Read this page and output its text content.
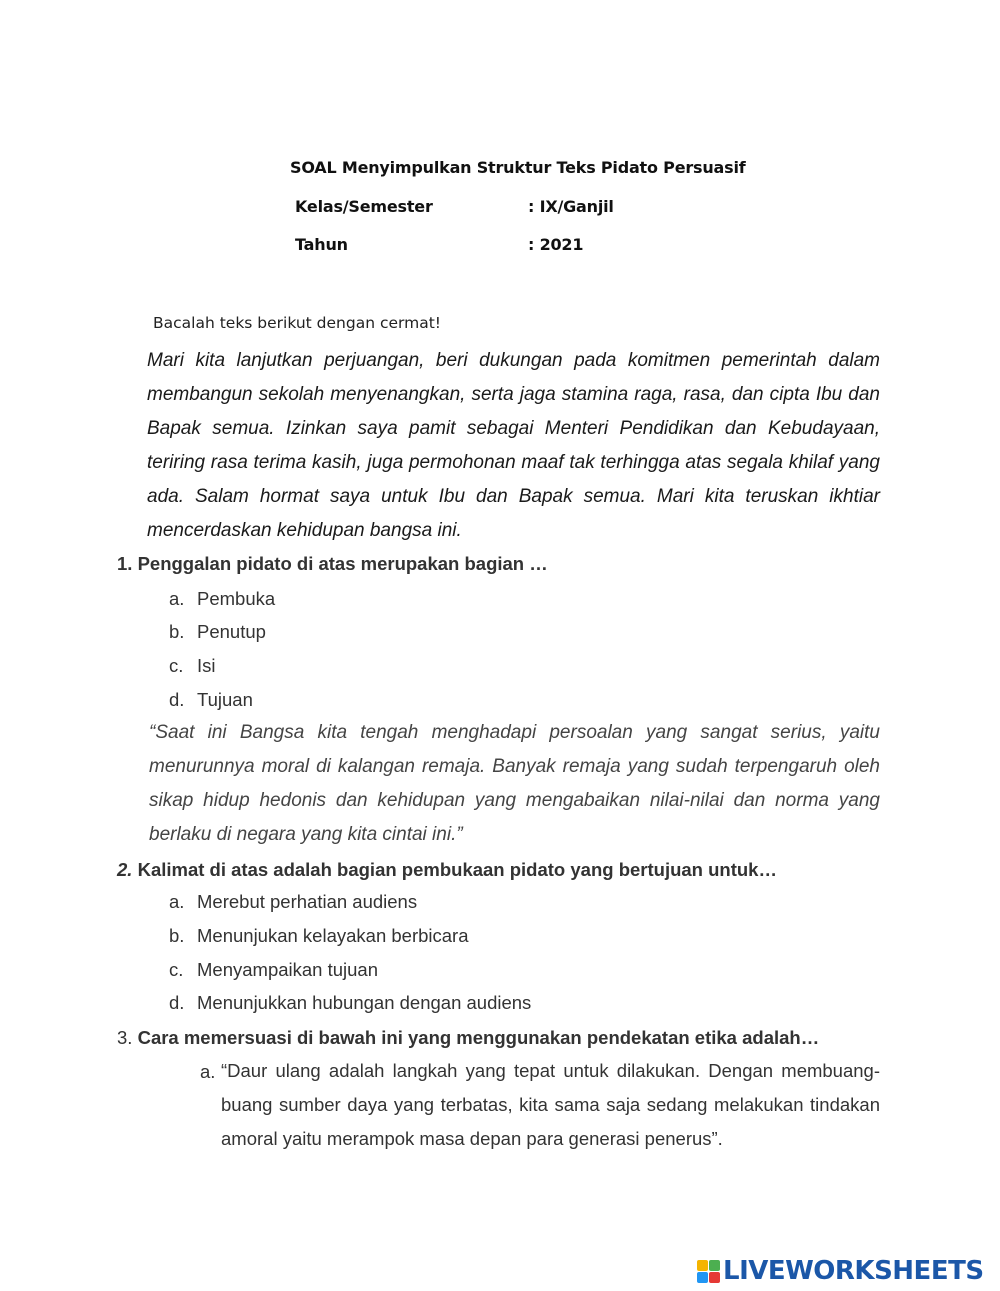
SOAL Menyimpulkan Struktur Teks Pidato Persuasif
Kelas/Semester	: IX/Ganjil
Tahun	: 2021
Bacalah teks berikut dengan cermat!
Mari kita lanjutkan perjuangan, beri dukungan pada komitmen pemerintah dalam membangun sekolah menyenangkan, serta jaga stamina raga, rasa, dan cipta Ibu dan Bapak semua. Izinkan saya pamit sebagai Menteri Pendidikan dan Kebudayaan, teriring rasa terima kasih, juga permohonan maaf tak terhingga atas segala khilaf yang ada. Salam hormat saya untuk Ibu dan Bapak semua. Mari kita teruskan ikhtiar mencerdaskan kehidupan bangsa ini.
1. Penggalan pidato di atas merupakan bagian …
a. Pembuka
b. Penutup
c. Isi
d. Tujuan
“Saat ini Bangsa kita tengah menghadapi persoalan yang sangat serius, yaitu menurunnya moral di kalangan remaja. Banyak remaja yang sudah terpengaruh oleh sikap hidup hedonis dan kehidupan yang mengabaikan nilai-nilai dan norma yang berlaku di negara yang kita cintai ini.”
2. Kalimat di atas adalah bagian pembukaan pidato yang bertujuan untuk…
a. Merebut perhatian audiens
b. Menunjukan kelayakan berbicara
c. Menyampaikan tujuan
d. Menunjukkan hubungan dengan audiens
3. Cara memersuasi di bawah ini yang menggunakan pendekatan etika adalah…
a. “Daur ulang adalah langkah yang tepat untuk dilakukan. Dengan membuang-buang sumber daya yang terbatas, kita sama saja sedang melakukan tindakan amoral yaitu merampok masa depan para generasi penerus”.
LIVEWORKSHEETS
